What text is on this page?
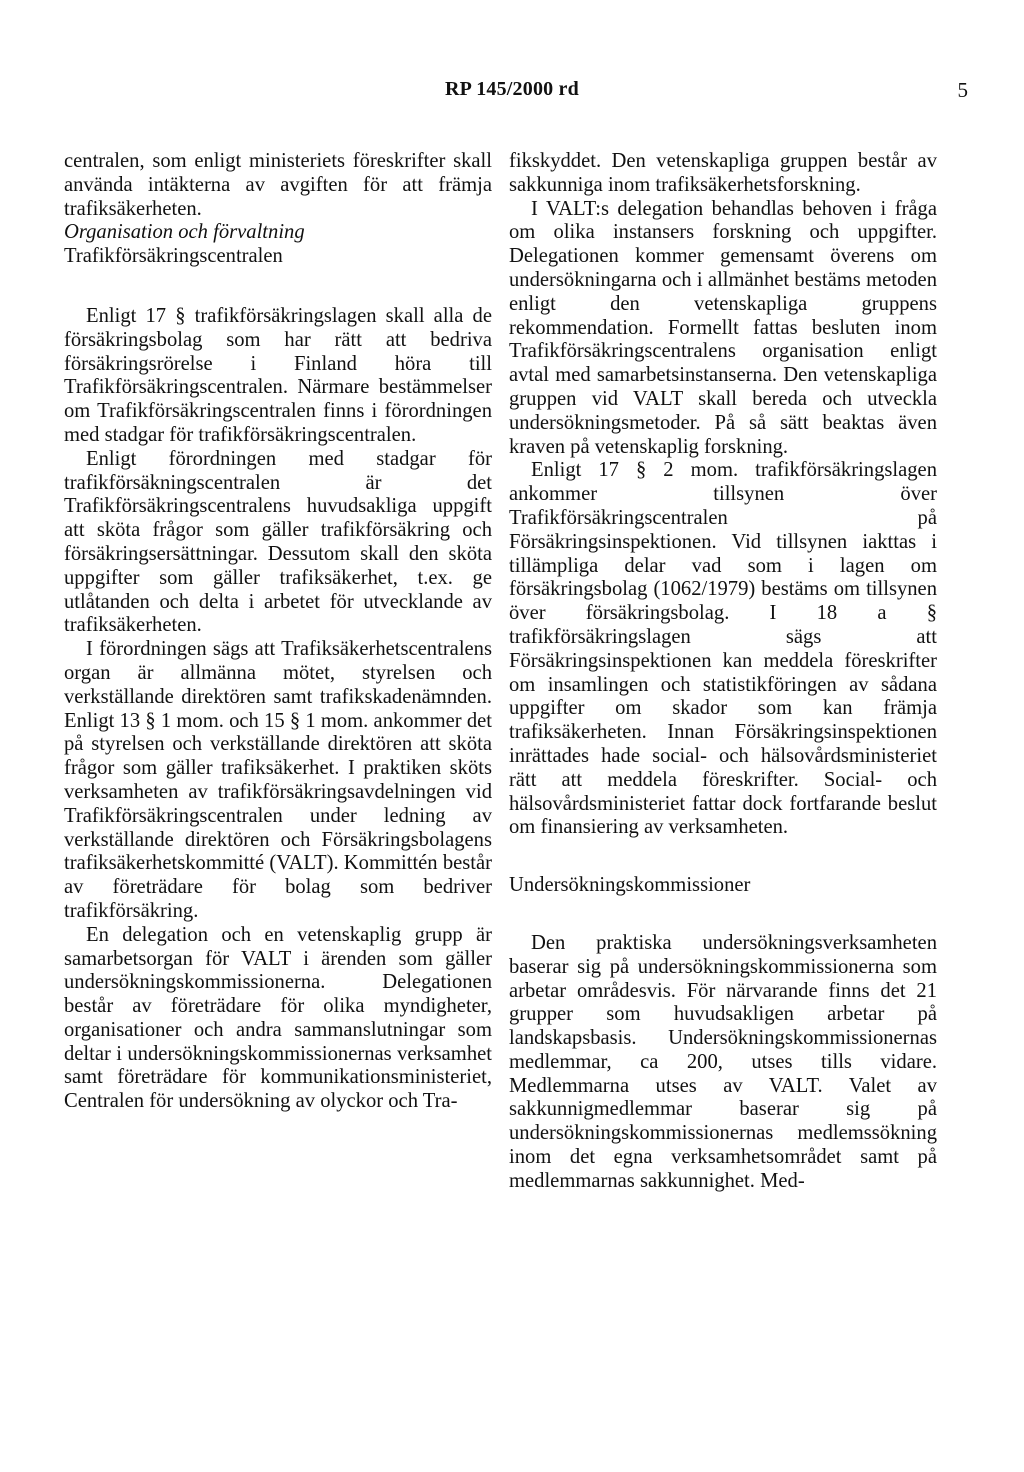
RP 145/2000 rd	5

centralen, som enligt ministeriets föreskrifter skall använda intäkterna av avgiften för att främja trafiksäkerheten.

Organisation och förvaltning

Trafikförsäkringscentralen

Enligt 17 § trafikförsäkringslagen skall alla de försäkringsbolag som har rätt att bedriva försäkringsrörelse i Finland höra till Trafikförsäkringscentralen. Närmare bestämmelser om Trafikförsäkringscentralen finns i förordningen med stadgar för trafikförsäkringscentralen.

Enligt förordningen med stadgar för trafikförsäkningscentralen är det Trafikförsäkringscentralens huvudsakliga uppgift att sköta frågor som gäller trafikförsäkring och försäkringsersättningar. Dessutom skall den sköta uppgifter som gäller trafiksäkerhet, t.ex. ge utlåtanden och delta i arbetet för utvecklande av trafiksäkerheten.

I förordningen sägs att Trafiksäkerhetscentralens organ är allmänna mötet, styrelsen och verkställande direktören samt trafikskadenämnden. Enligt 13 § 1 mom. och 15 § 1 mom. ankommer det på styrelsen och verkställande direktören att sköta frågor som gäller trafiksäkerhet. I praktiken sköts verksamheten av trafikförsäkringsavdelningen vid Trafikförsäkringscentralen under ledning av verkställande direktören och Försäkringsbolagens trafiksäkerhetskommitté (VALT). Kommittén består av företrädare för bolag som bedriver trafikförsäkring.

En delegation och en vetenskaplig grupp är samarbetsorgan för VALT i ärenden som gäller undersökningskommissionerna. Delegationen består av företrädare för olika myndigheter, organisationer och andra sammanslutningar som deltar i undersökningskommissionernas verksamhet samt företrädare för kommunikationsministeriet, Centralen för undersökning av olyckor och Tra-

fikskyddet. Den vetenskapliga gruppen består av sakkunniga inom trafiksäkerhetsforskning.

I VALT:s delegation behandlas behoven i fråga om olika instansers forskning och uppgifter. Delegationen kommer gemensamt överens om undersökningarna och i allmänhet bestäms metoden enligt den vetenskapliga gruppens rekommendation. Formellt fattas besluten inom Trafikförsäkringscentralens organisation enligt avtal med samarbetsinstanserna. Den vetenskapliga gruppen vid VALT skall bereda och utveckla undersökningsmetoder. På så sätt beaktas även kraven på vetenskaplig forskning.

Enligt 17 § 2 mom. trafikförsäkringslagen ankommer tillsynen över Trafikförsäkringscentralen på Försäkringsinspektionen. Vid tillsynen iakttas i tillämpliga delar vad som i lagen om försäkringsbolag (1062/1979) bestäms om tillsynen över försäkringsbolag. I 18 a § trafikförsäkringslagen sägs att Försäkringsinspektionen kan meddela föreskrifter om insamlingen och statistikföringen av sådana uppgifter om skador som kan främja trafiksäkerheten. Innan Försäkringsinspektionen inrättades hade social- och hälsovårdsministeriet rätt att meddela föreskrifter. Social- och hälsovårdsministeriet fattar dock fortfarande beslut om finansiering av verksamheten.

Undersökningskommissioner

Den praktiska undersökningsverksamheten baserar sig på undersökningskommissionerna som arbetar områdesvis. För närvarande finns det 21 grupper som huvudsakligen arbetar på landskapsbasis. Undersökningskommissionernas medlemmar, ca 200, utses tills vidare. Medlemmarna utses av VALT. Valet av sakkunnigmedlemmar baserar sig på undersökningskommissionernas medlemssökning inom det egna verksamhetsområdet samt på medlemmarnas sakkunnighet. Med-
